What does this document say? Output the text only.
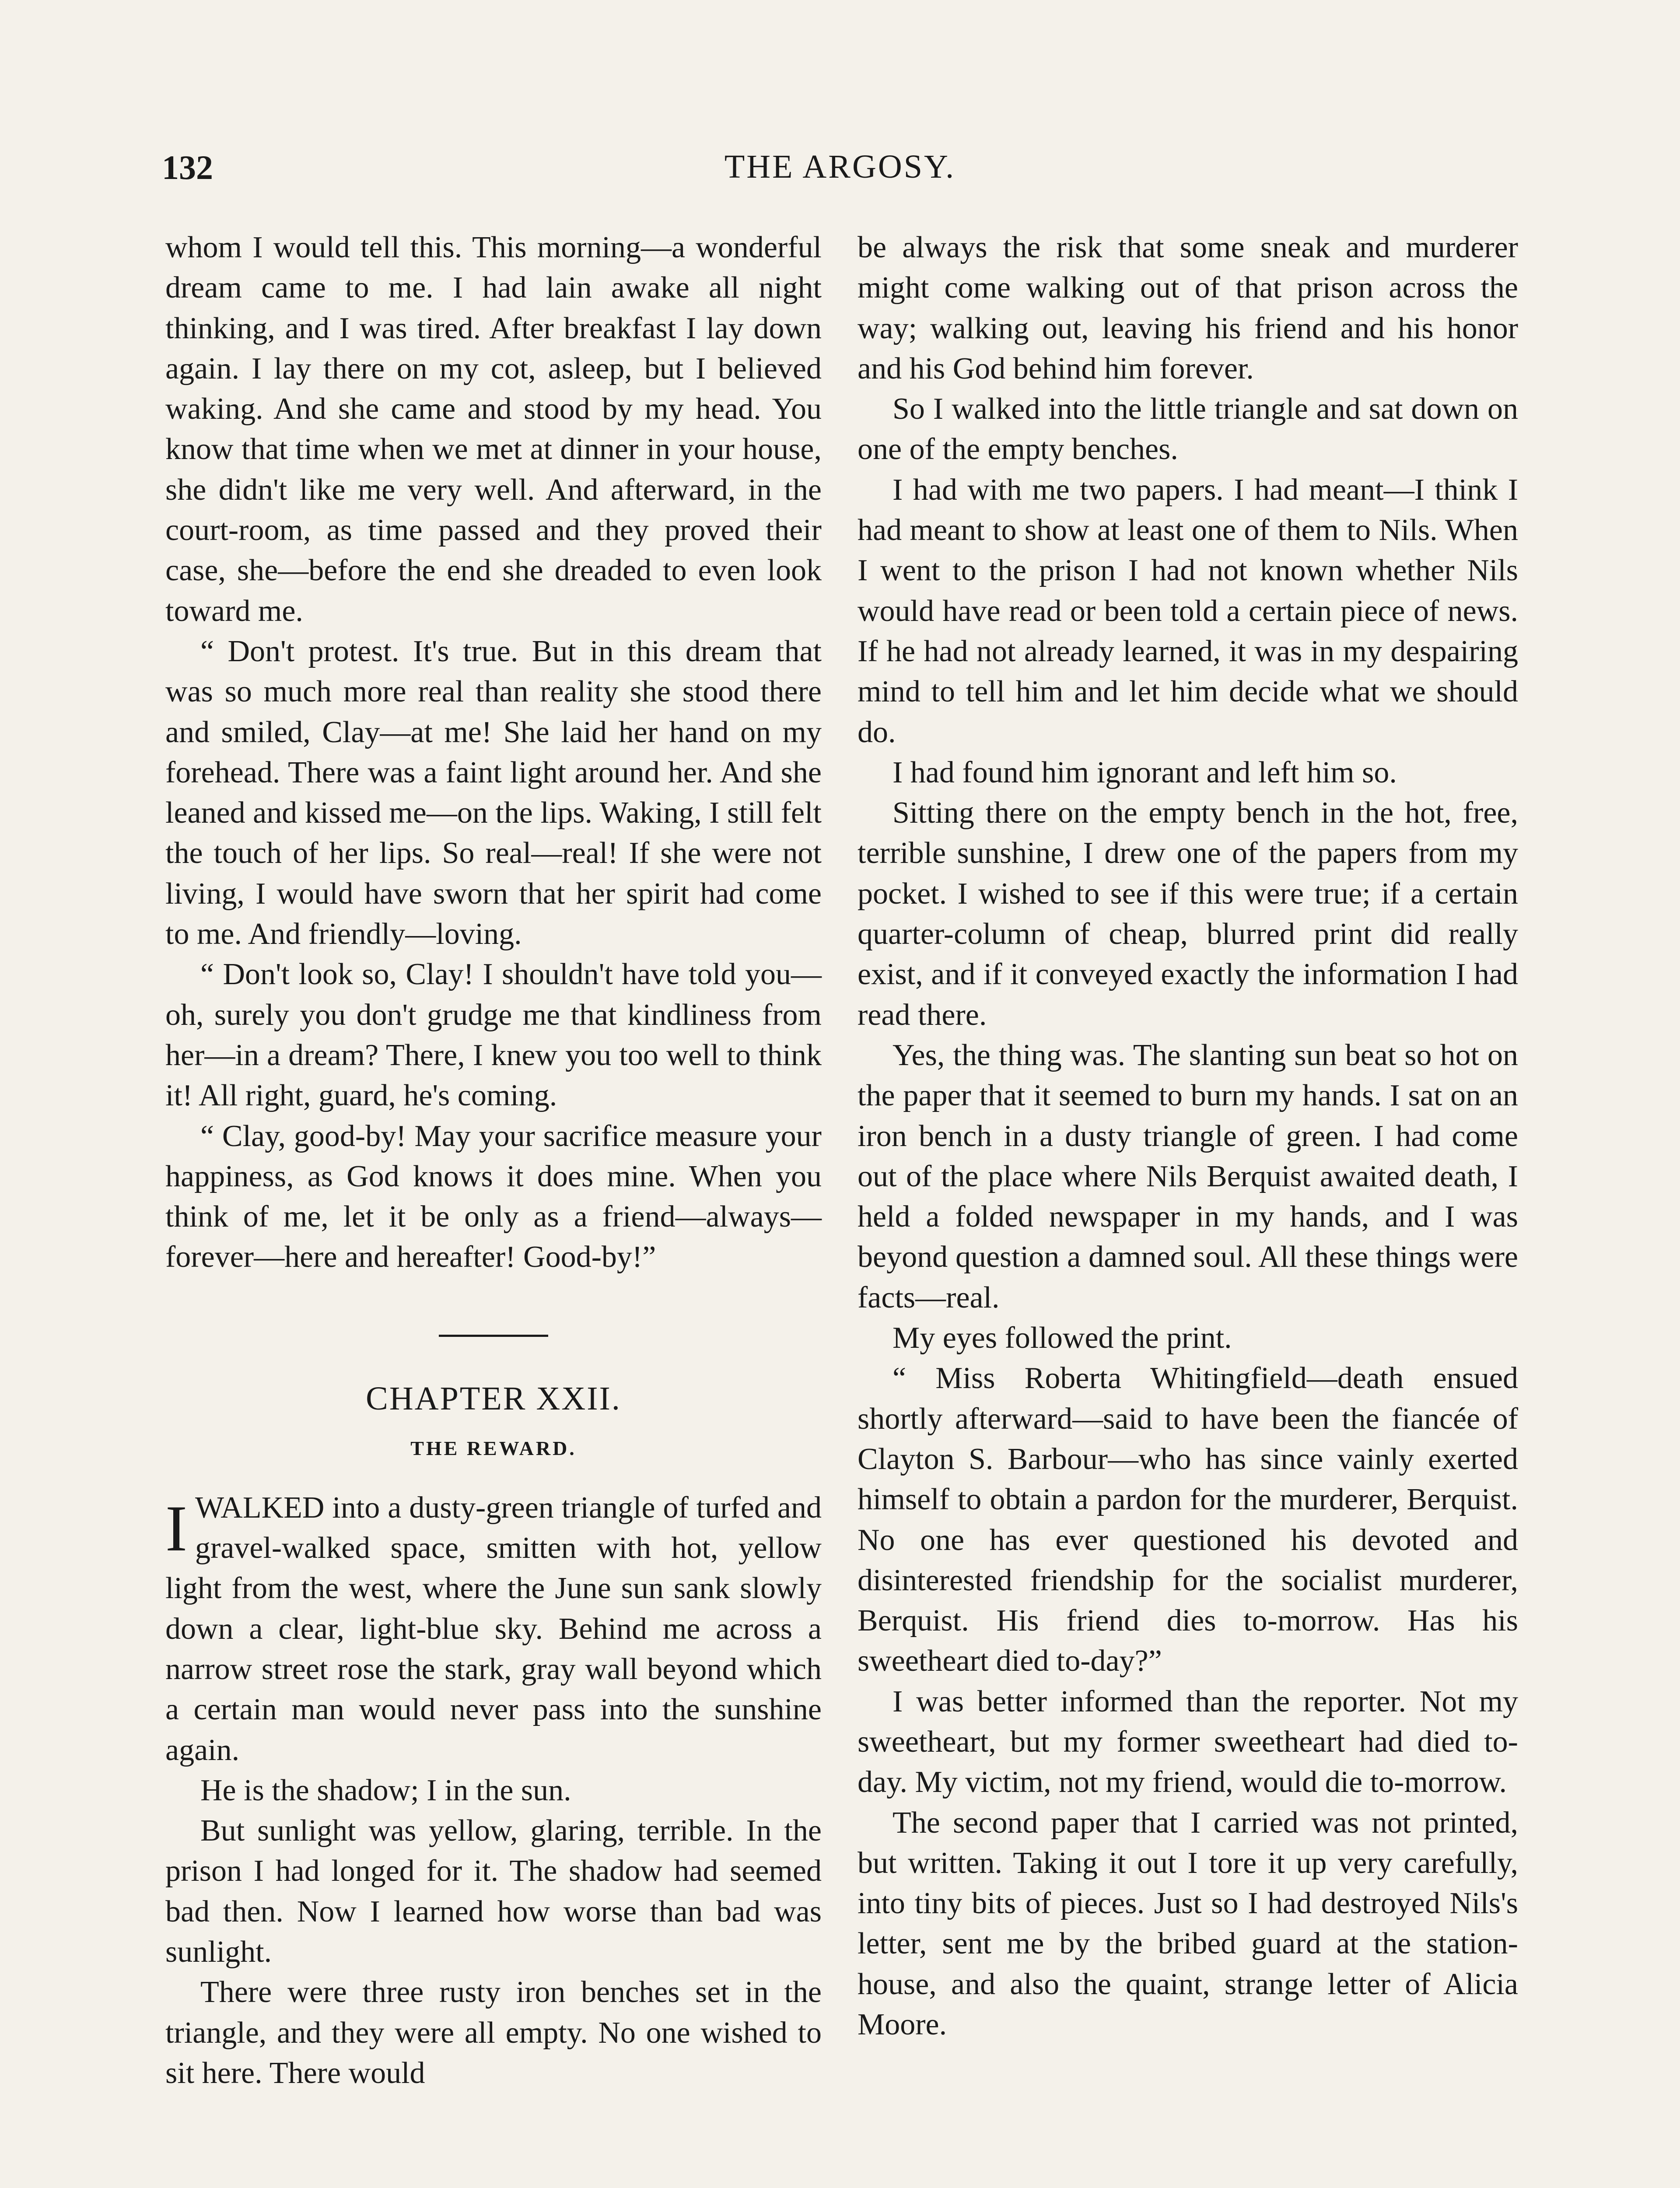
132	THE ARGOSY.

whom I would tell this. This morning—a wonderful dream came to me. I had lain awake all night thinking, and I was tired. After breakfast I lay down again. I lay there on my cot, asleep, but I believed waking. And she came and stood by my head. You know that time when we met at dinner in your house, she didn't like me very well. And afterward, in the court-room, as time passed and they proved their case, she—before the end she dreaded to even look toward me.

“ Don't protest. It's true. But in this dream that was so much more real than reality she stood there and smiled, Clay—at me! She laid her hand on my forehead. There was a faint light around her. And she leaned and kissed me—on the lips. Waking, I still felt the touch of her lips. So real—real! If she were not living, I would have sworn that her spirit had come to me. And friendly—loving.

“ Don't look so, Clay! I shouldn't have told you—oh, surely you don't grudge me that kindliness from her—in a dream? There, I knew you too well to think it! All right, guard, he's coming.

“ Clay, good-by! May your sacrifice measure your happiness, as God knows it does mine. When you think of me, let it be only as a friend—always—forever—here and hereafter! Good-by!”

CHAPTER XXII.
THE REWARD.

IWALKED into a dusty-green triangle of turfed and gravel-walked space, smitten with hot, yellow light from the west, where the June sun sank slowly down a clear, light-blue sky. Behind me across a narrow street rose the stark, gray wall beyond which a certain man would never pass into the sunshine again.

He is the shadow; I in the sun.

But sunlight was yellow, glaring, terrible. In the prison I had longed for it. The shadow had seemed bad then. Now I learned how worse than bad was sunlight.

There were three rusty iron benches set in the triangle, and they were all empty. No one wished to sit here. There would

be always the risk that some sneak and murderer might come walking out of that prison across the way; walking out, leaving his friend and his honor and his God behind him forever.

So I walked into the little triangle and sat down on one of the empty benches.

I had with me two papers. I had meant—I think I had meant to show at least one of them to Nils. When I went to the prison I had not known whether Nils would have read or been told a certain piece of news. If he had not already learned, it was in my despairing mind to tell him and let him decide what we should do.

I had found him ignorant and left him so.

Sitting there on the empty bench in the hot, free, terrible sunshine, I drew one of the papers from my pocket. I wished to see if this were true; if a certain quarter-column of cheap, blurred print did really exist, and if it conveyed exactly the information I had read there.

Yes, the thing was. The slanting sun beat so hot on the paper that it seemed to burn my hands. I sat on an iron bench in a dusty triangle of green. I had come out of the place where Nils Berquist awaited death, I held a folded newspaper in my hands, and I was beyond question a damned soul. All these things were facts—real.

My eyes followed the print.

“ Miss Roberta Whitingfield—death ensued shortly afterward—said to have been the fiancée of Clayton S. Barbour—who has since vainly exerted himself to obtain a pardon for the murderer, Berquist. No one has ever questioned his devoted and disinterested friendship for the socialist murderer, Berquist. His friend dies to-morrow. Has his sweetheart died to-day?”

I was better informed than the reporter. Not my sweetheart, but my former sweetheart had died to-day. My victim, not my friend, would die to-morrow.

The second paper that I carried was not printed, but written. Taking it out I tore it up very carefully, into tiny bits of pieces. Just so I had destroyed Nils's letter, sent me by the bribed guard at the station-house, and also the quaint, strange letter of Alicia Moore.
